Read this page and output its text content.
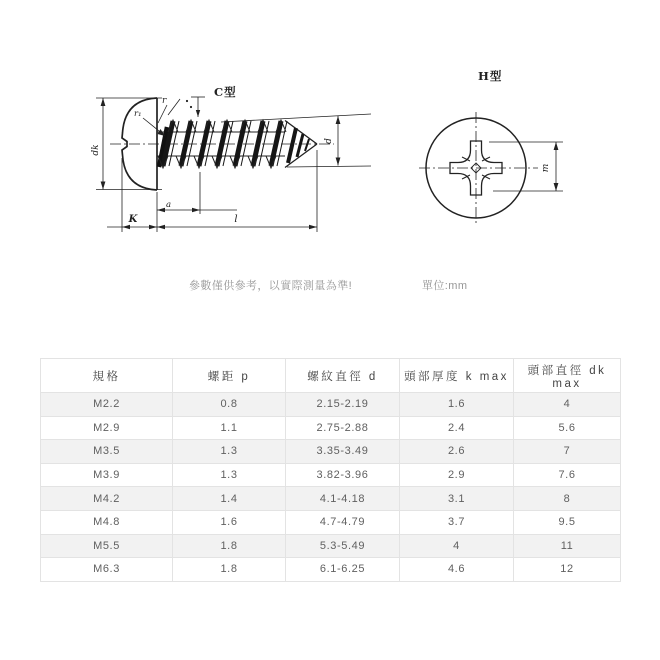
dk
r
r₁
d
a
K	l
C型
m
H型
參數僅供參考，以實際測量為準!	單位:mm
規格	螺距 p	螺紋直徑 d	頭部厚度 k max	頭部直徑 dk max
M2.2	0.8	2.15-2.19	1.6	4
M2.9	1.1	2.75-2.88	2.4	5.6
M3.5	1.3	3.35-3.49	2.6	7
M3.9	1.3	3.82-3.96	2.9	7.6
M4.2	1.4	4.1-4.18	3.1	8
M4.8	1.6	4.7-4.79	3.7	9.5
M5.5	1.8	5.3-5.49	4	11
M6.3	1.8	6.1-6.25	4.6	12
